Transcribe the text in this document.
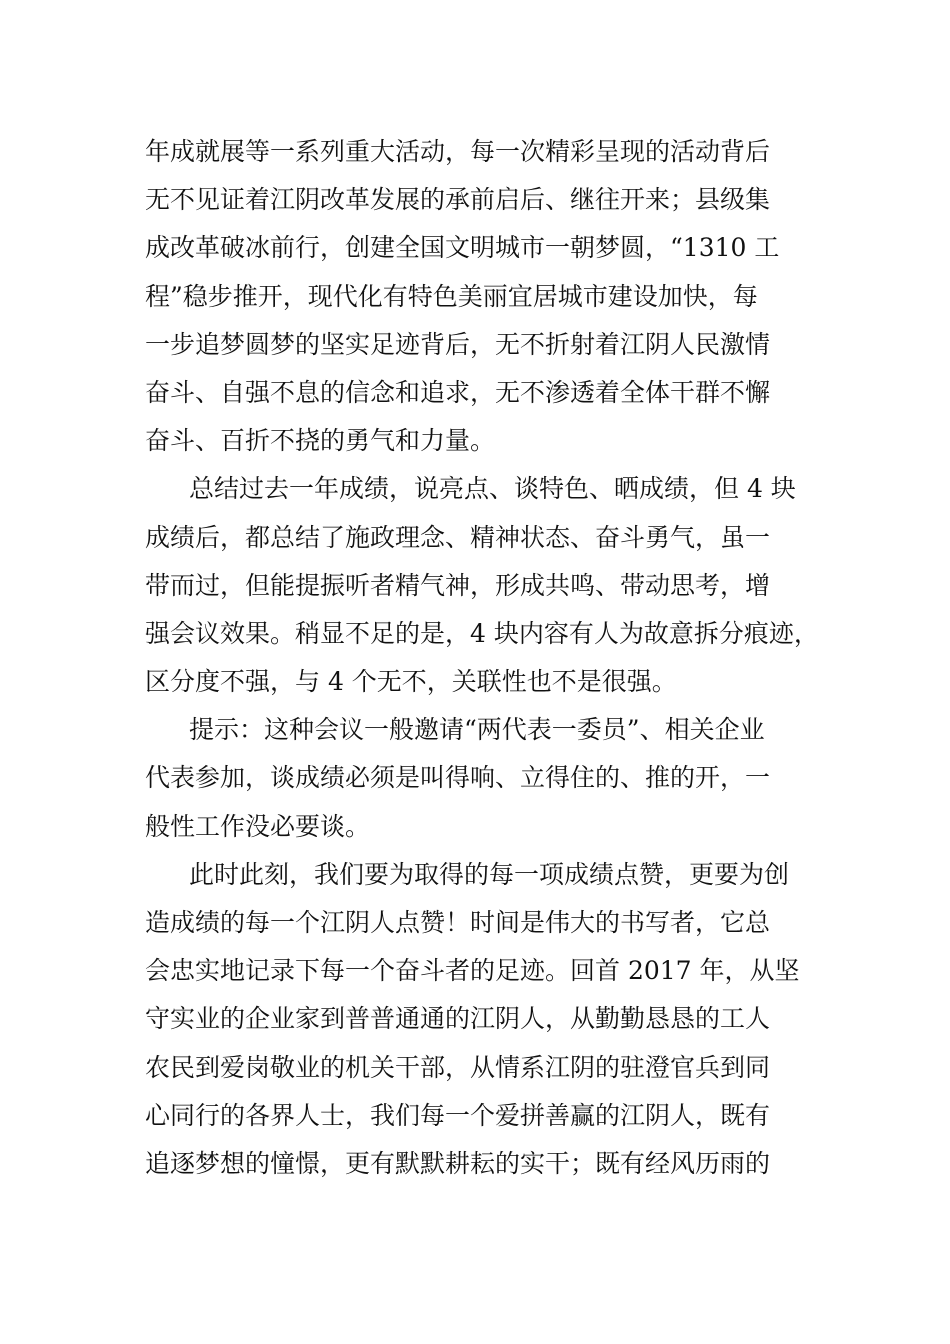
年成就展等一系列重大活动，每一次精彩呈现的活动背后
无不见证着江阴改革发展的承前启后、继往开来；县级集
成改革破冰前行，创建全国文明城市一朝梦圆，“1310 工
程”稳步推开，现代化有特色美丽宜居城市建设加快，每
一步追梦圆梦的坚实足迹背后，无不折射着江阴人民激情
奋斗、自强不息的信念和追求，无不渗透着全体干群不懈
奋斗、百折不挠的勇气和力量。
总结过去一年成绩，说亮点、谈特色、晒成绩，但 4 块
成绩后，都总结了施政理念、精神状态、奋斗勇气，虽一
带而过，但能提振听者精气神，形成共鸣、带动思考，增
强会议效果。稍显不足的是，4 块内容有人为故意拆分痕迹，
区分度不强，与 4 个无不，关联性也不是很强。
提示：这种会议一般邀请“两代表一委员”、相关企业
代表参加，谈成绩必须是叫得响、立得住的、推的开，一
般性工作没必要谈。
此时此刻，我们要为取得的每一项成绩点赞，更要为创
造成绩的每一个江阴人点赞！时间是伟大的书写者，它总
会忠实地记录下每一个奋斗者的足迹。回首 2017 年，从坚
守实业的企业家到普普通通的江阴人，从勤勤恳恳的工人
农民到爱岗敬业的机关干部，从情系江阴的驻澄官兵到同
心同行的各界人士，我们每一个爱拼善赢的江阴人，既有
追逐梦想的憧憬，更有默默耕耘的实干；既有经风历雨的
